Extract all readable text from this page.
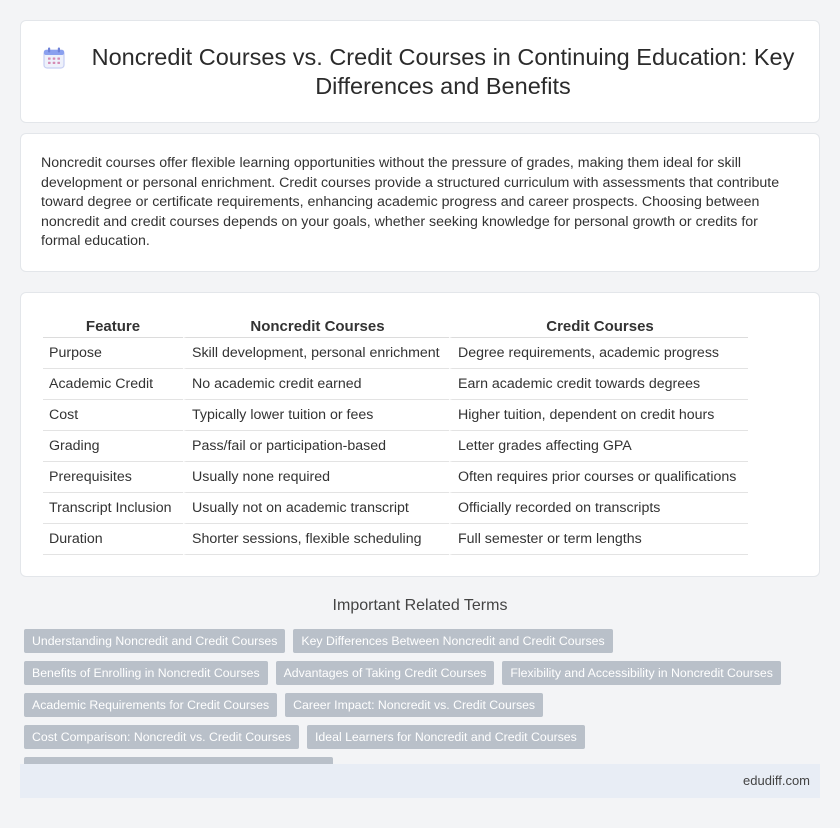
Noncredit Courses vs. Credit Courses in Continuing Education: Key Differences and Benefits

Noncredit courses offer flexible learning opportunities without the pressure of grades, making them ideal for skill development or personal enrichment. Credit courses provide a structured curriculum with assessments that contribute toward degree or certificate requirements, enhancing academic progress and career prospects. Choosing between noncredit and credit courses depends on your goals, whether seeking knowledge for personal growth or credits for formal education.

Feature	Noncredit Courses	Credit Courses
Purpose	Skill development, personal enrichment	Degree requirements, academic progress
Academic Credit	No academic credit earned	Earn academic credit towards degrees
Cost	Typically lower tuition or fees	Higher tuition, dependent on credit hours
Grading	Pass/fail or participation-based	Letter grades affecting GPA
Prerequisites	Usually none required	Often requires prior courses or qualifications
Transcript Inclusion	Usually not on academic transcript	Officially recorded on transcripts
Duration	Shorter sessions, flexible scheduling	Full semester or term lengths
Important Related Terms
Understanding Noncredit and Credit Courses	Key Differences Between Noncredit and Credit Courses
Benefits of Enrolling in Noncredit Courses	Advantages of Taking Credit Courses	Flexibility and Accessibility in Noncredit Courses
Academic Requirements for Credit Courses	Career Impact: Noncredit vs. Credit Courses
Cost Comparison: Noncredit vs. Credit Courses	Ideal Learners for Noncredit and Credit Courses
edudiff.com
